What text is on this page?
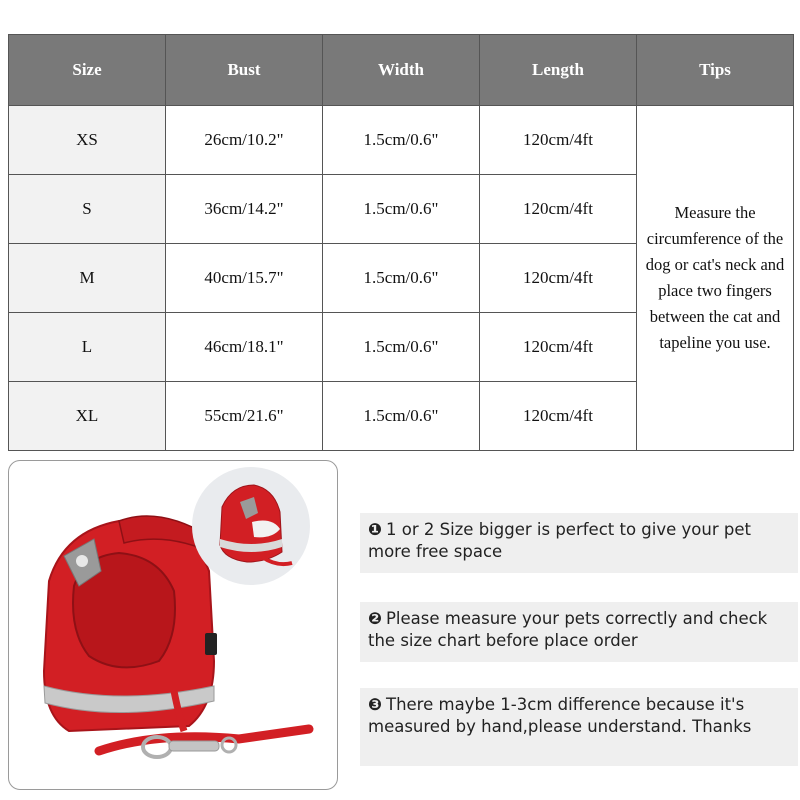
Size	Bust	Width	Length	Tips
XS	26cm/10.2"	1.5cm/0.6"	120cm/4ft	Measure the circumference of the dog or cat's neck and place two fingers between the cat and tapeline you use.
S	36cm/14.2"	1.5cm/0.6"	120cm/4ft	
M	40cm/15.7"	1.5cm/0.6"	120cm/4ft	
L	46cm/18.1"	1.5cm/0.6"	120cm/4ft	
XL	55cm/21.6"	1.5cm/0.6"	120cm/4ft	
❶ 1 or 2 Size bigger is perfect to give your pet more free space
❷ Please measure your pets correctly and check the size chart before place order
❸ There maybe 1-3cm difference because it's measured by hand,please understand. Thanks
